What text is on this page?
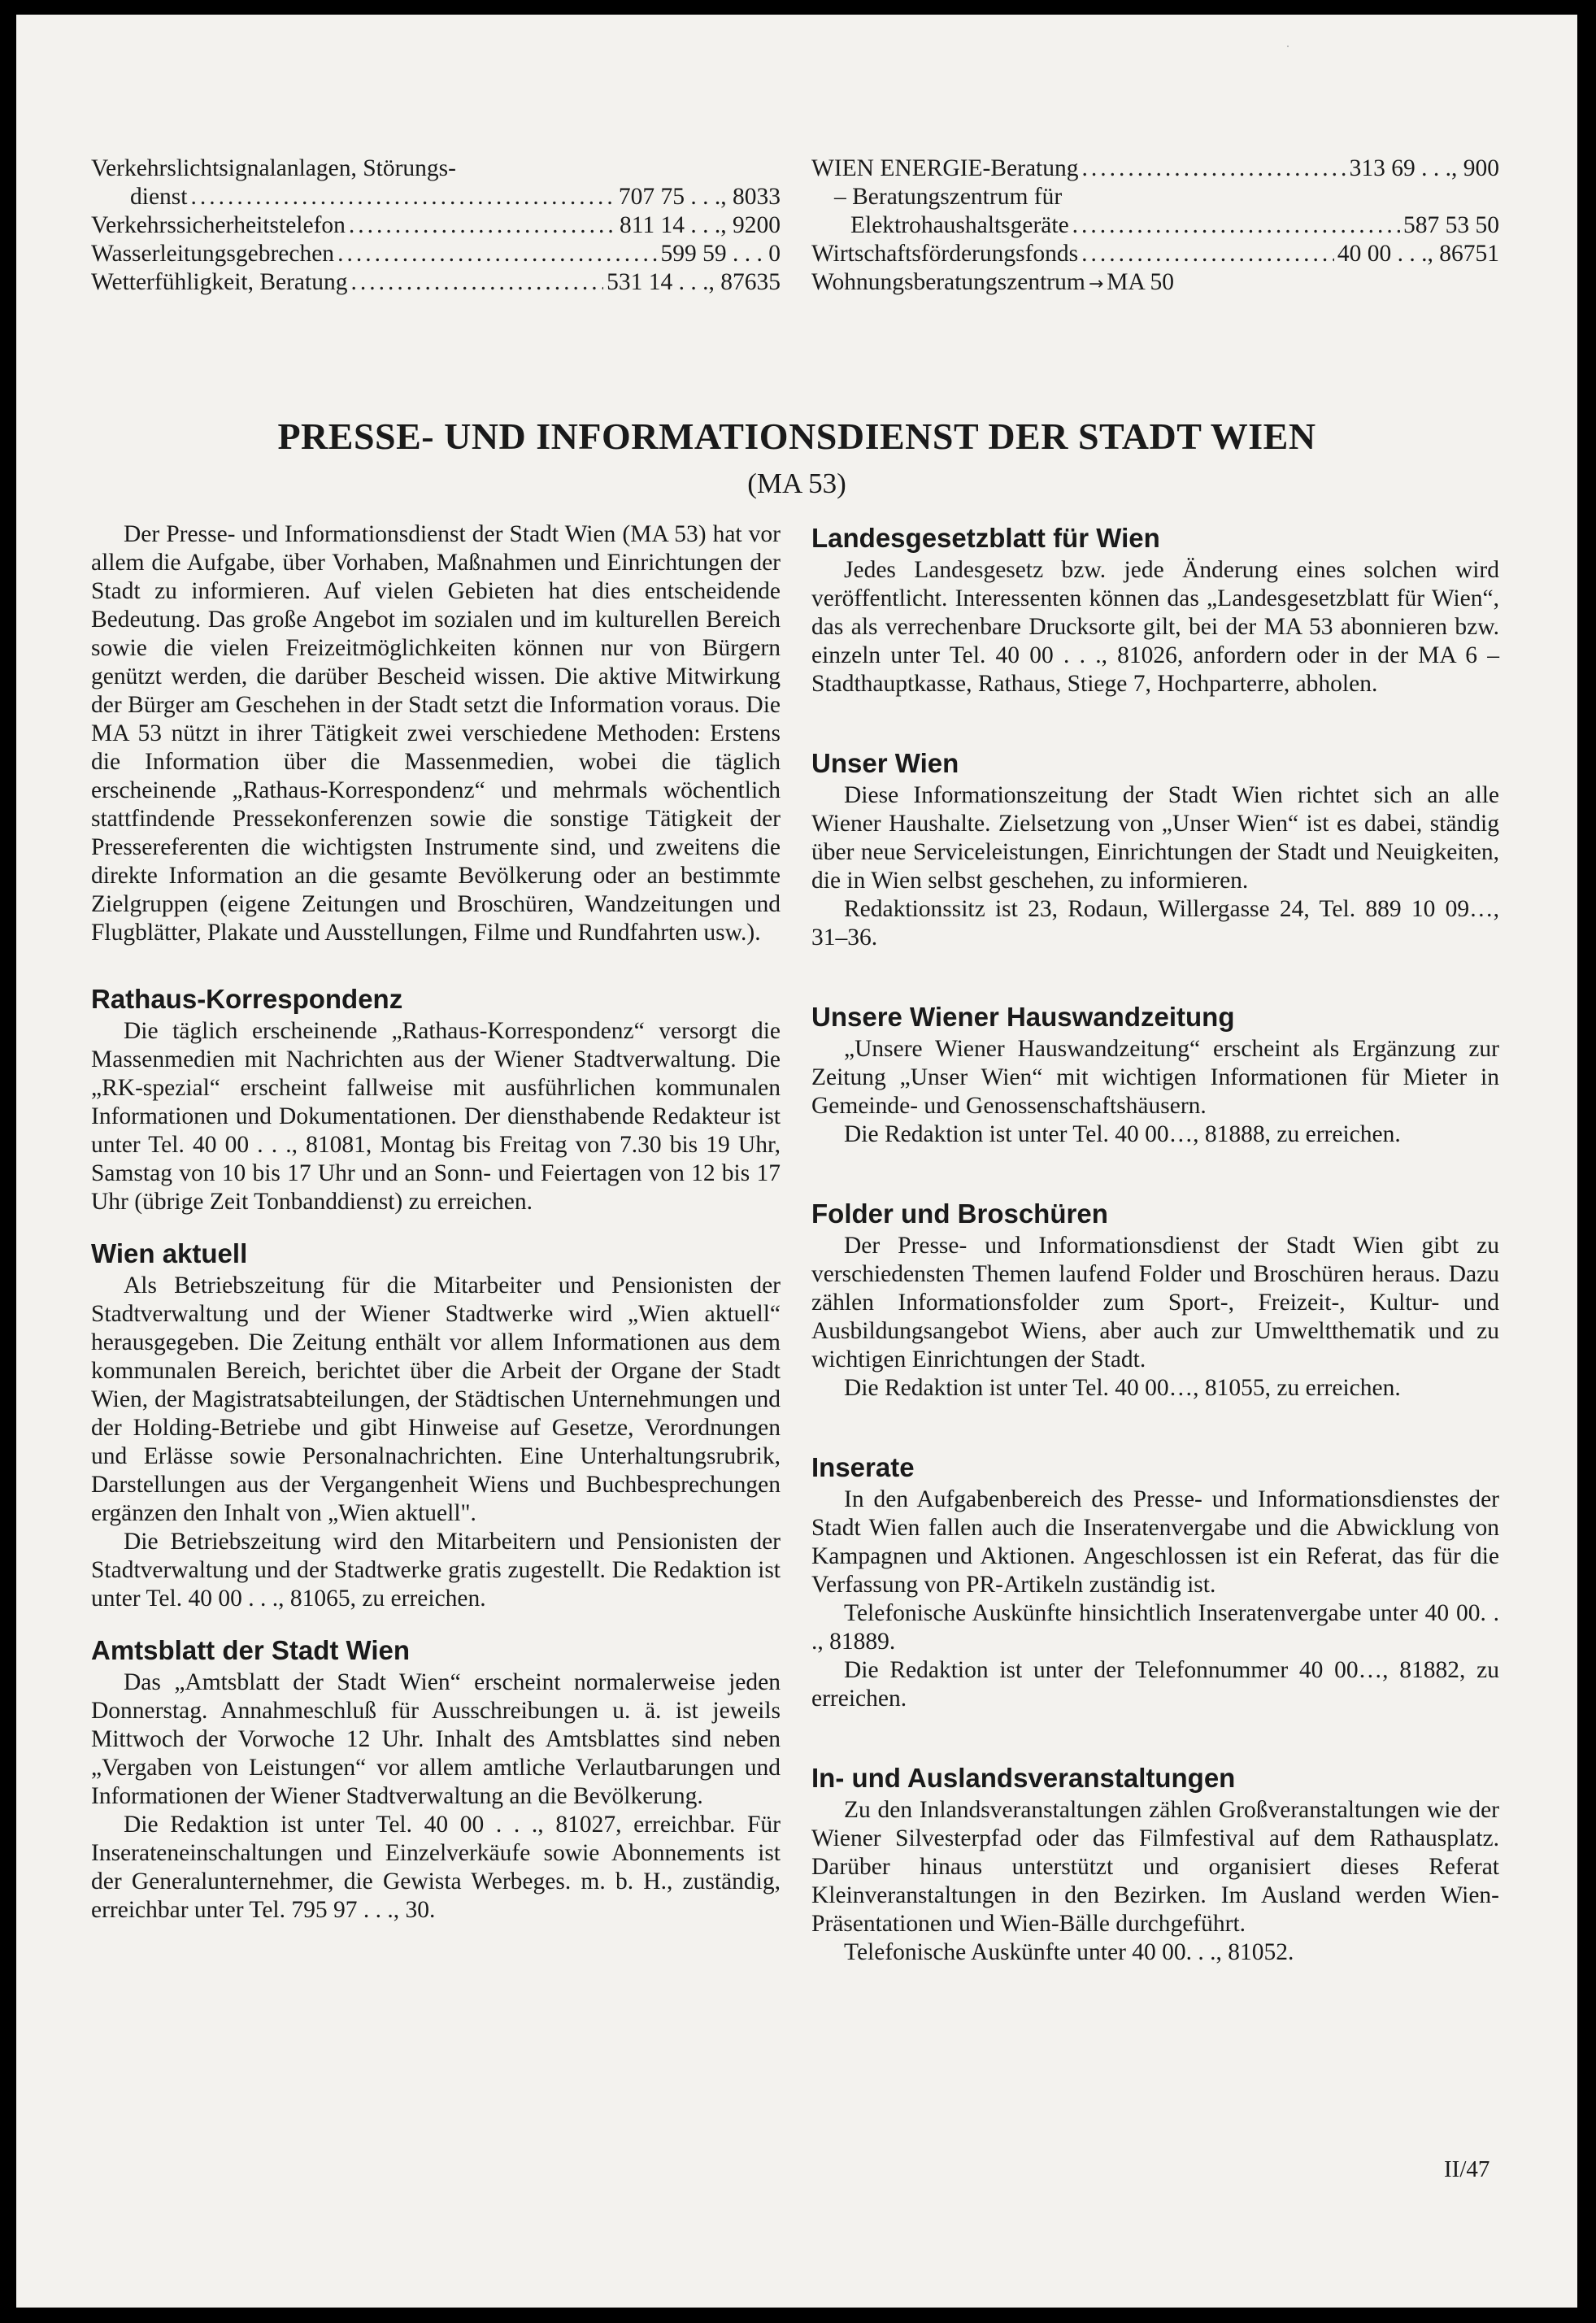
Verkehrslichtsignalanlagen, Störungs-
dienst .....	707 75 . . ., 8033
Verkehrssicherheitstelefon .....	811 14 . . ., 9200
Wasserleitungsgebrechen .....	599 59 . . . 0
Wetterfühligkeit, Beratung .....	531 14 . . ., 87635
WIEN ENERGIE-Beratung .....	313 69 . . ., 900
– Beratungszentrum für
Elektrohaushaltsgeräte .....	587 53 50
Wirtschaftsförderungsfonds .....	40 00 . . ., 86751
Wohnungsberatungszentrum → MA 50
PRESSE- UND INFORMATIONSDIENST DER STADT WIEN
(MA 53)

Der Presse- und Informationsdienst der Stadt Wien (MA 53) hat vor allem die Aufgabe, über Vorhaben, Maßnahmen und Einrichtungen der Stadt zu informieren. Auf vielen Gebieten hat dies entscheidende Bedeutung. Das große Angebot im sozialen und im kulturellen Bereich sowie die vielen Freizeitmöglichkeiten können nur von Bürgern genützt werden, die darüber Bescheid wissen. Die aktive Mitwirkung der Bürger am Geschehen in der Stadt setzt die Information voraus. Die MA 53 nützt in ihrer Tätigkeit zwei verschiedene Methoden: Erstens die Information über die Massenmedien, wobei die täglich erscheinende „Rathaus-Korrespondenz“ und mehrmals wöchentlich stattfindende Pressekonferenzen sowie die sonstige Tätigkeit der Pressereferenten die wichtigsten Instrumente sind, und zweitens die direkte Information an die gesamte Bevölkerung oder an bestimmte Zielgruppen (eigene Zeitungen und Broschüren, Wandzeitungen und Flugblätter, Plakate und Ausstellungen, Filme und Rundfahrten usw.).

Rathaus-Korrespondenz

Die täglich erscheinende „Rathaus-Korrespondenz“ versorgt die Massenmedien mit Nachrichten aus der Wiener Stadtverwaltung. Die „RK-spezial“ erscheint fallweise mit ausführlichen kommunalen Informationen und Dokumentationen. Der diensthabende Redakteur ist unter Tel. 40 00 . . ., 81081, Montag bis Freitag von 7.30 bis 19 Uhr, Samstag von 10 bis 17 Uhr und an Sonn- und Feiertagen von 12 bis 17 Uhr (übrige Zeit Tonbanddienst) zu erreichen.

Wien aktuell

Als Betriebszeitung für die Mitarbeiter und Pensionisten der Stadtverwaltung und der Wiener Stadtwerke wird „Wien aktuell“ herausgegeben. Die Zeitung enthält vor allem Informationen aus dem kommunalen Bereich, berichtet über die Arbeit der Organe der Stadt Wien, der Magistratsabteilungen, der Städtischen Unternehmungen und der Holding-Betriebe und gibt Hinweise auf Gesetze, Verordnungen und Erlässe sowie Personalnachrichten. Eine Unterhaltungsrubrik, Darstellungen aus der Vergangenheit Wiens und Buchbesprechungen ergänzen den Inhalt von „Wien aktuell".

Die Betriebszeitung wird den Mitarbeitern und Pensionisten der Stadtverwaltung und der Stadtwerke gratis zugestellt. Die Redaktion ist unter Tel. 40 00 . . ., 81065, zu erreichen.

Amtsblatt der Stadt Wien

Das „Amtsblatt der Stadt Wien“ erscheint normalerweise jeden Donnerstag. Annahmeschluß für Ausschreibungen u. ä. ist jeweils Mittwoch der Vorwoche 12 Uhr. Inhalt des Amtsblattes sind neben „Vergaben von Leistungen“ vor allem amtliche Verlautbarungen und Informationen der Wiener Stadtverwaltung an die Bevölkerung.

Die Redaktion ist unter Tel. 40 00 . . ., 81027, erreichbar. Für Inserateneinschaltungen und Einzelverkäufe sowie Abonnements ist der Generalunternehmer, die Gewista Werbeges. m. b. H., zuständig, erreichbar unter Tel. 795 97 . . ., 30.

Landesgesetzblatt für Wien

Jedes Landesgesetz bzw. jede Änderung eines solchen wird veröffentlicht. Interessenten können das „Landesgesetzblatt für Wien“, das als verrechenbare Drucksorte gilt, bei der MA 53 abonnieren bzw. einzeln unter Tel. 40 00 . . ., 81026, anfordern oder in der MA 6 – Stadthauptkasse, Rathaus, Stiege 7, Hochparterre, abholen.

Unser Wien

Diese Informationszeitung der Stadt Wien richtet sich an alle Wiener Haushalte. Zielsetzung von „Unser Wien“ ist es dabei, ständig über neue Serviceleistungen, Einrichtungen der Stadt und Neuigkeiten, die in Wien selbst geschehen, zu informieren.

Redaktionssitz ist 23, Rodaun, Willergasse 24, Tel. 889 10 09…, 31–36.

Unsere Wiener Hauswandzeitung

„Unsere Wiener Hauswandzeitung“ erscheint als Ergänzung zur Zeitung „Unser Wien“ mit wichtigen Informationen für Mieter in Gemeinde- und Genossenschaftshäusern.

Die Redaktion ist unter Tel. 40 00…, 81888, zu erreichen.

Folder und Broschüren

Der Presse- und Informationsdienst der Stadt Wien gibt zu verschiedensten Themen laufend Folder und Broschüren heraus. Dazu zählen Informationsfolder zum Sport-, Freizeit-, Kultur- und Ausbildungsangebot Wiens, aber auch zur Umweltthematik und zu wichtigen Einrichtungen der Stadt.

Die Redaktion ist unter Tel. 40 00…, 81055, zu erreichen.

Inserate

In den Aufgabenbereich des Presse- und Informationsdienstes der Stadt Wien fallen auch die Inseratenvergabe und die Abwicklung von Kampagnen und Aktionen. Angeschlossen ist ein Referat, das für die Verfassung von PR-Artikeln zuständig ist.

Telefonische Auskünfte hinsichtlich Inseratenvergabe unter 40 00. . ., 81889.

Die Redaktion ist unter der Telefonnummer 40 00…, 81882, zu erreichen.

In- und Auslandsveranstaltungen

Zu den Inlandsveranstaltungen zählen Großveranstaltungen wie der Wiener Silvesterpfad oder das Filmfestival auf dem Rathausplatz. Darüber hinaus unterstützt und organisiert dieses Referat Kleinveranstaltungen in den Bezirken. Im Ausland werden Wien-Präsentationen und Wien-Bälle durchgeführt.

Telefonische Auskünfte unter 40 00. . ., 81052.

II/47
